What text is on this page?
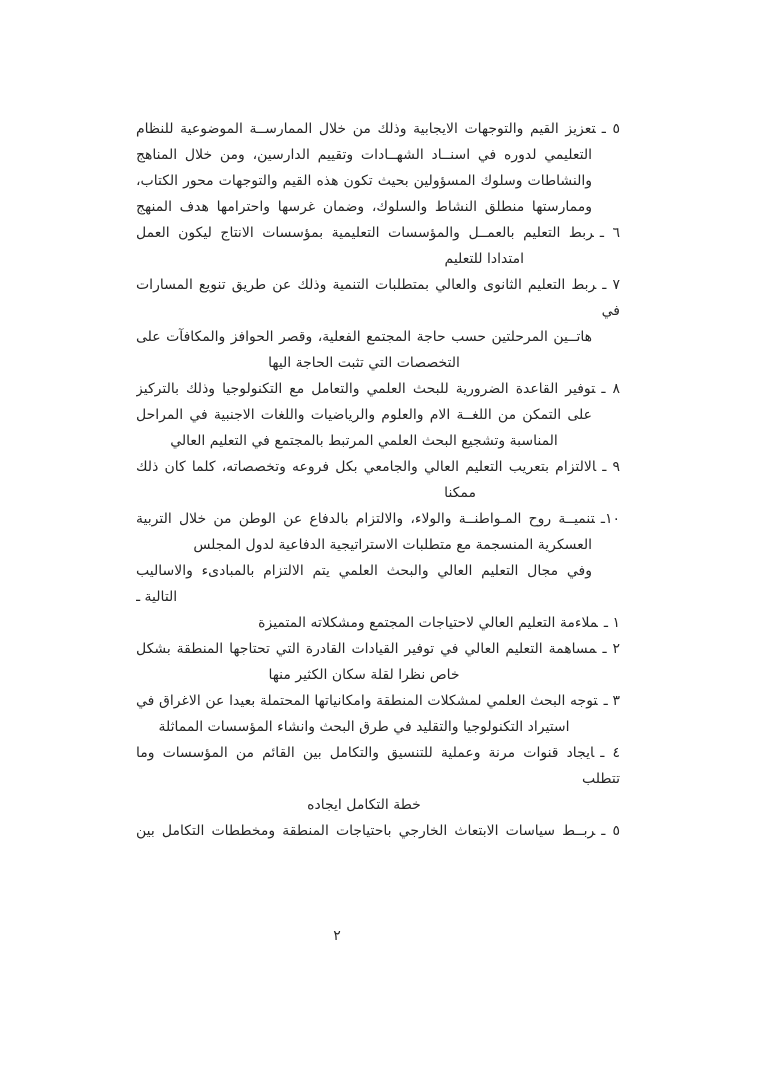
٥ ـتعزيز القيم والتوجهات الايجابية وذلك من خلال الممارســة الموضوعية للنظام
التعليمي لدوره في اسنــاد الشهــادات وتقييم الدارسين، ومن خلال المناهج
والنشاطات وسلوك المسؤولين بحيث تكون هذه القيم والتوجهات محور الكتاب،
وممارستها منطلق النشاط والسلوك، وضمان غرسها واحترامها هدف المنهج
٦ ـربط التعليم بالعمــل والمؤسسات التعليمية بمؤسسات الانتاج ليكون العمل
امتدادا للتعليم
٧ ـربط التعليم الثانوى والعالي بمتطلبات التنمية وذلك عن طريق تنويع المسارات في
هاتــين المرحلتين حسب حاجة المجتمع الفعلية، وقصر الحوافز والمكافآت على
التخصصات التي تثبت الحاجة اليها
٨ ـتوفير القاعدة الضرورية للبحث العلمي والتعامل مع التكنولوجيا وذلك بالتركيز
على التمكن من اللغــة الام والعلوم والرياضيات واللغات الاجنبية في المراحل
المناسبة وتشجيع البحث العلمي المرتبط بالمجتمع في التعليم العالي
٩ ـالالتزام بتعريب التعليم العالي والجامعي بكل فروعه وتخصصاته، كلما كان ذلك
ممكنا
١٠ـتنميــة روح المـواطنــة والولاء، والالتزام بالدفاع عن الوطن من خلال التربية
العسكرية المنسجمة مع متطلبات الاستراتيجية الدفاعية لدول المجلس
وفي مجال التعليم العالي والبحث العلمي يتم الالتزام بالمبادىء والاساليب
التالية ـ
١ ـملاءمة التعليم العالي لاحتياجات المجتمع ومشكلاته المتميزة
٢ ـمساهمة التعليم العالي في توفير القيادات القادرة التي تحتاجها المنطقة بشكل
خاص نظرا لقلة سكان الكثير منها
٣ ـتوجه البحث العلمي لمشكلات المنطقة وامكانياتها المحتملة بعيدا عن الاغراق في
استيراد التكنولوجيا والتقليد في طرق البحث وانشاء المؤسسات المماثلة
٤ ـايجاد قنوات مرنة وعملية للتنسيق والتكامل بين القائم من المؤسسات وما تتطلب
خطة التكامل ايجاده
٥ ـربــط سياسات الابتعاث الخارجي باحتياجات المنطقة ومخططات التكامل بين
٢
